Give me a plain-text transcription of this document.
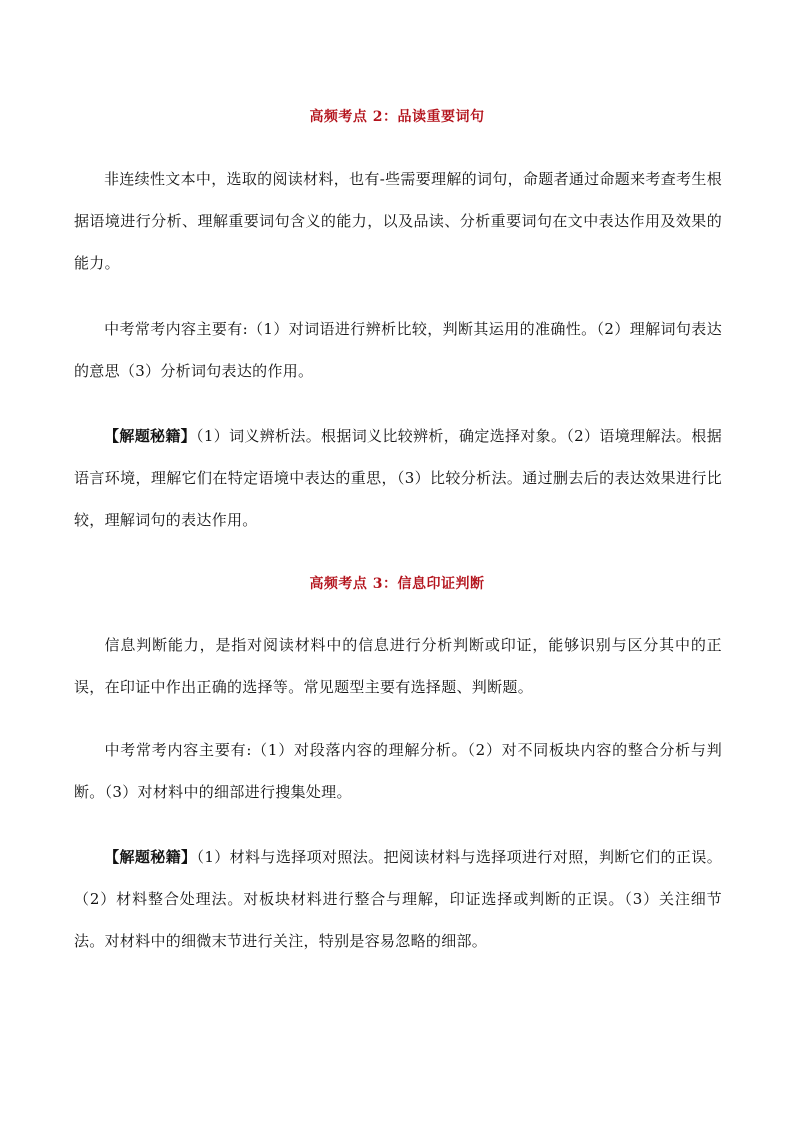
高频考点 2：品读重要词句
非连续性文本中，选取的阅读材料，也有-些需要理解的词句，命题者通过命题来考查考生根据语境进行分析、理解重要词句含义的能力，以及品读、分析重要词句在文中表达作用及效果的能力。
中考常考内容主要有:（1）对词语进行辨析比较，判断其运用的准确性。（2）理解词句表达的意思（3）分析词句表达的作用。
【解题秘籍】（1）词义辨析法。根据词义比较辨析，确定选择对象。（2）语境理解法。根据语言环境，理解它们在特定语境中表达的重思，（3）比较分析法。通过删去后的表达效果进行比较，理解词句的表达作用。
高频考点 3：信息印证判断
信息判断能力，是指对阅读材料中的信息进行分析判断或印证，能够识别与区分其中的正误，在印证中作出正确的选择等。常见题型主要有选择题、判断题。
中考常考内容主要有:（1）对段落内容的理解分析。（2）对不同板块内容的整合分析与判断。（3）对材料中的细部进行搜集处理。
【解题秘籍】（1）材料与选择项对照法。把阅读材料与选择项进行对照，判断它们的正误。（2）材料整合处理法。对板块材料进行整合与理解，印证选择或判断的正误。（3）关注细节法。对材料中的细微末节进行关注，特别是容易忽略的细部。
